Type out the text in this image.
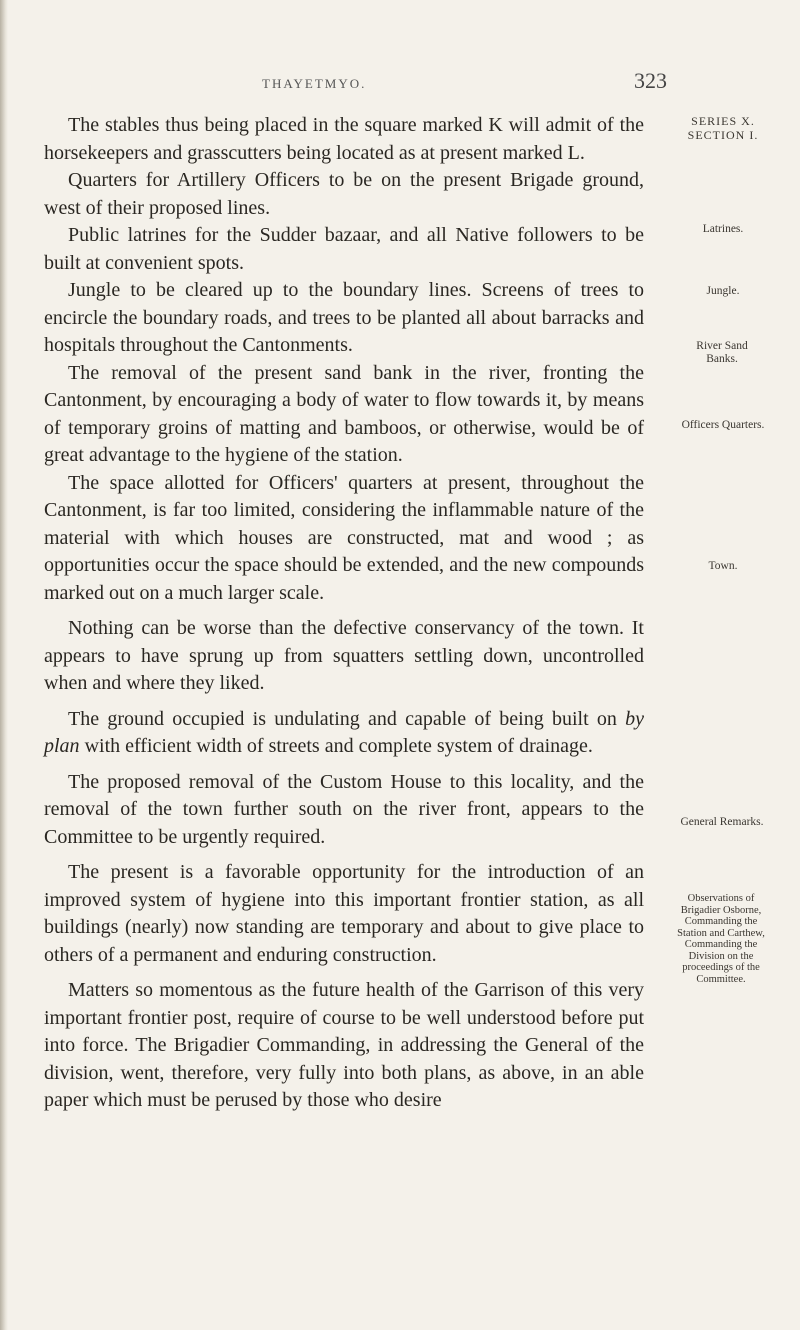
THAYETMYO.	323

The stables thus being placed in the square marked K will admit of the horsekeepers and grasscutters being located as at present marked L.

Quarters for Artillery Officers to be on the present Brigade ground, west of their proposed lines.

Public latrines for the Sudder bazaar, and all Native followers to be built at convenient spots.

Jungle to be cleared up to the boundary lines. Screens of trees to encircle the boundary roads, and trees to be planted all about barracks and hospitals throughout the Cantonments.

The removal of the present sand bank in the river, fronting the Cantonment, by encouraging a body of water to flow towards it, by means of temporary groins of matting and bamboos, or otherwise, would be of great advantage to the hygiene of the station.

The space allotted for Officers' quarters at present, throughout the Cantonment, is far too limited, considering the inflammable nature of the material with which houses are constructed, mat and wood ; as opportunities occur the space should be extended, and the new compounds marked out on a much larger scale.

Nothing can be worse than the defective conservancy of the town. It appears to have sprung up from squatters settling down, uncontrolled when and where they liked.

The ground occupied is undulating and capable of being built on by plan with efficient width of streets and complete system of drainage.

The proposed removal of the Custom House to this locality, and the removal of the town further south on the river front, appears to the Committee to be urgently required.

The present is a favorable opportunity for the introduction of an improved system of hygiene into this important frontier station, as all buildings (nearly) now standing are temporary and about to give place to others of a permanent and enduring construction.

Matters so momentous as the future health of the Garrison of this very important frontier post, require of course to be well understood before put into force. The Brigadier Commanding, in addressing the General of the division, went, therefore, very fully into both plans, as above, in an able paper which must be perused by those who desire

SERIES X.
SECTION I.
Latrines.
Jungle.
River Sand Banks.
Officers Quarters.
Town.
General Remarks.
Observations of Brigadier Osborne, Commanding the Station and Carthew, Commanding the Division on the proceedings of the Committee.
